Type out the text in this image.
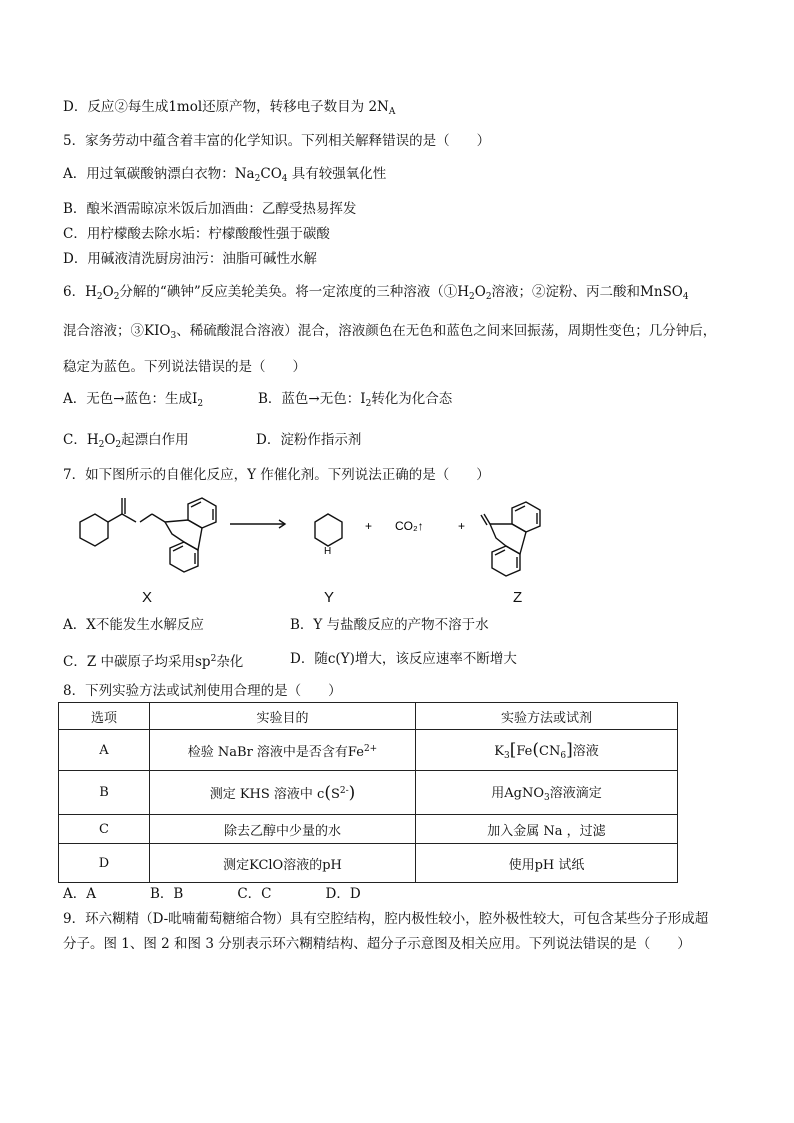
D．反应②每生成1mol还原产物，转移电子数目为 $2N_A$
5．家务劳动中蕴含着丰富的化学知识。下列相关解释错误的是（　　）
A．用过氧碳酸钠漂白衣物：$Na_2CO_4$ 具有较强氧化性
B．酿米酒需晾凉米饭后加酒曲：乙醇受热易挥发
C．用柠檬酸去除水垢：柠檬酸酸性强于碳酸
D．用碱液清洗厨房油污：油脂可碱性水解
6．$H_2O_2$分解的“碘钟”反应美轮美奂。将一定浓度的三种溶液（$①H_2O_2$溶液；②淀粉、丙二酸和MnSO$_4$
混合溶液；$③KIO_3$、稀硫酸混合溶液）混合，溶液颜色在无色和蓝色之间来回振荡，周期性变色；几分钟后，
稳定为蓝色。下列说法错误的是（　　）
A．无色→蓝色：生成$I_2$	B．蓝色→无色：$I_2$转化为化合态
C．$H_2O_2$起漂白作用	D．淀粉作指示剂
7．如下图所示的自催化反应，Y 作催化剂。下列说法正确的是（　　）
H
+ CO₂↑	+
X	Y	Z
A．X不能发生水解反应	B．Y 与盐酸反应的产物不溶于水
C．Z 中碳原子均采用$sp^2$杂化	D．随c(Y)增大，该反应速率不断增大
8．下列实验方法或试剂使用合理的是（　　）
选项	实验目的	实验方法或试剂
A	检验 NaBr 溶液中是否含有$Fe^{2+}$	$K_3[Fe(CN_6]$溶液
B	测定 KHS 溶液中 $c(S^{2-})$	用AgNO$_3$溶液滴定
C	除去乙醇中少量的水	加入金属 Na ，过滤
D	测定KClO溶液的pH	使用pH 试纸
A．A　　　　B．B　　　　C．C　　　　D．D
9．环六糊精（D-吡喃葡萄糖缩合物）具有空腔结构，腔内极性较小，腔外极性较大，可包含某些分子形成超
分子。图 1、图 2 和图 3 分别表示环六糊精结构、超分子示意图及相关应用。下列说法错误的是（　　）
